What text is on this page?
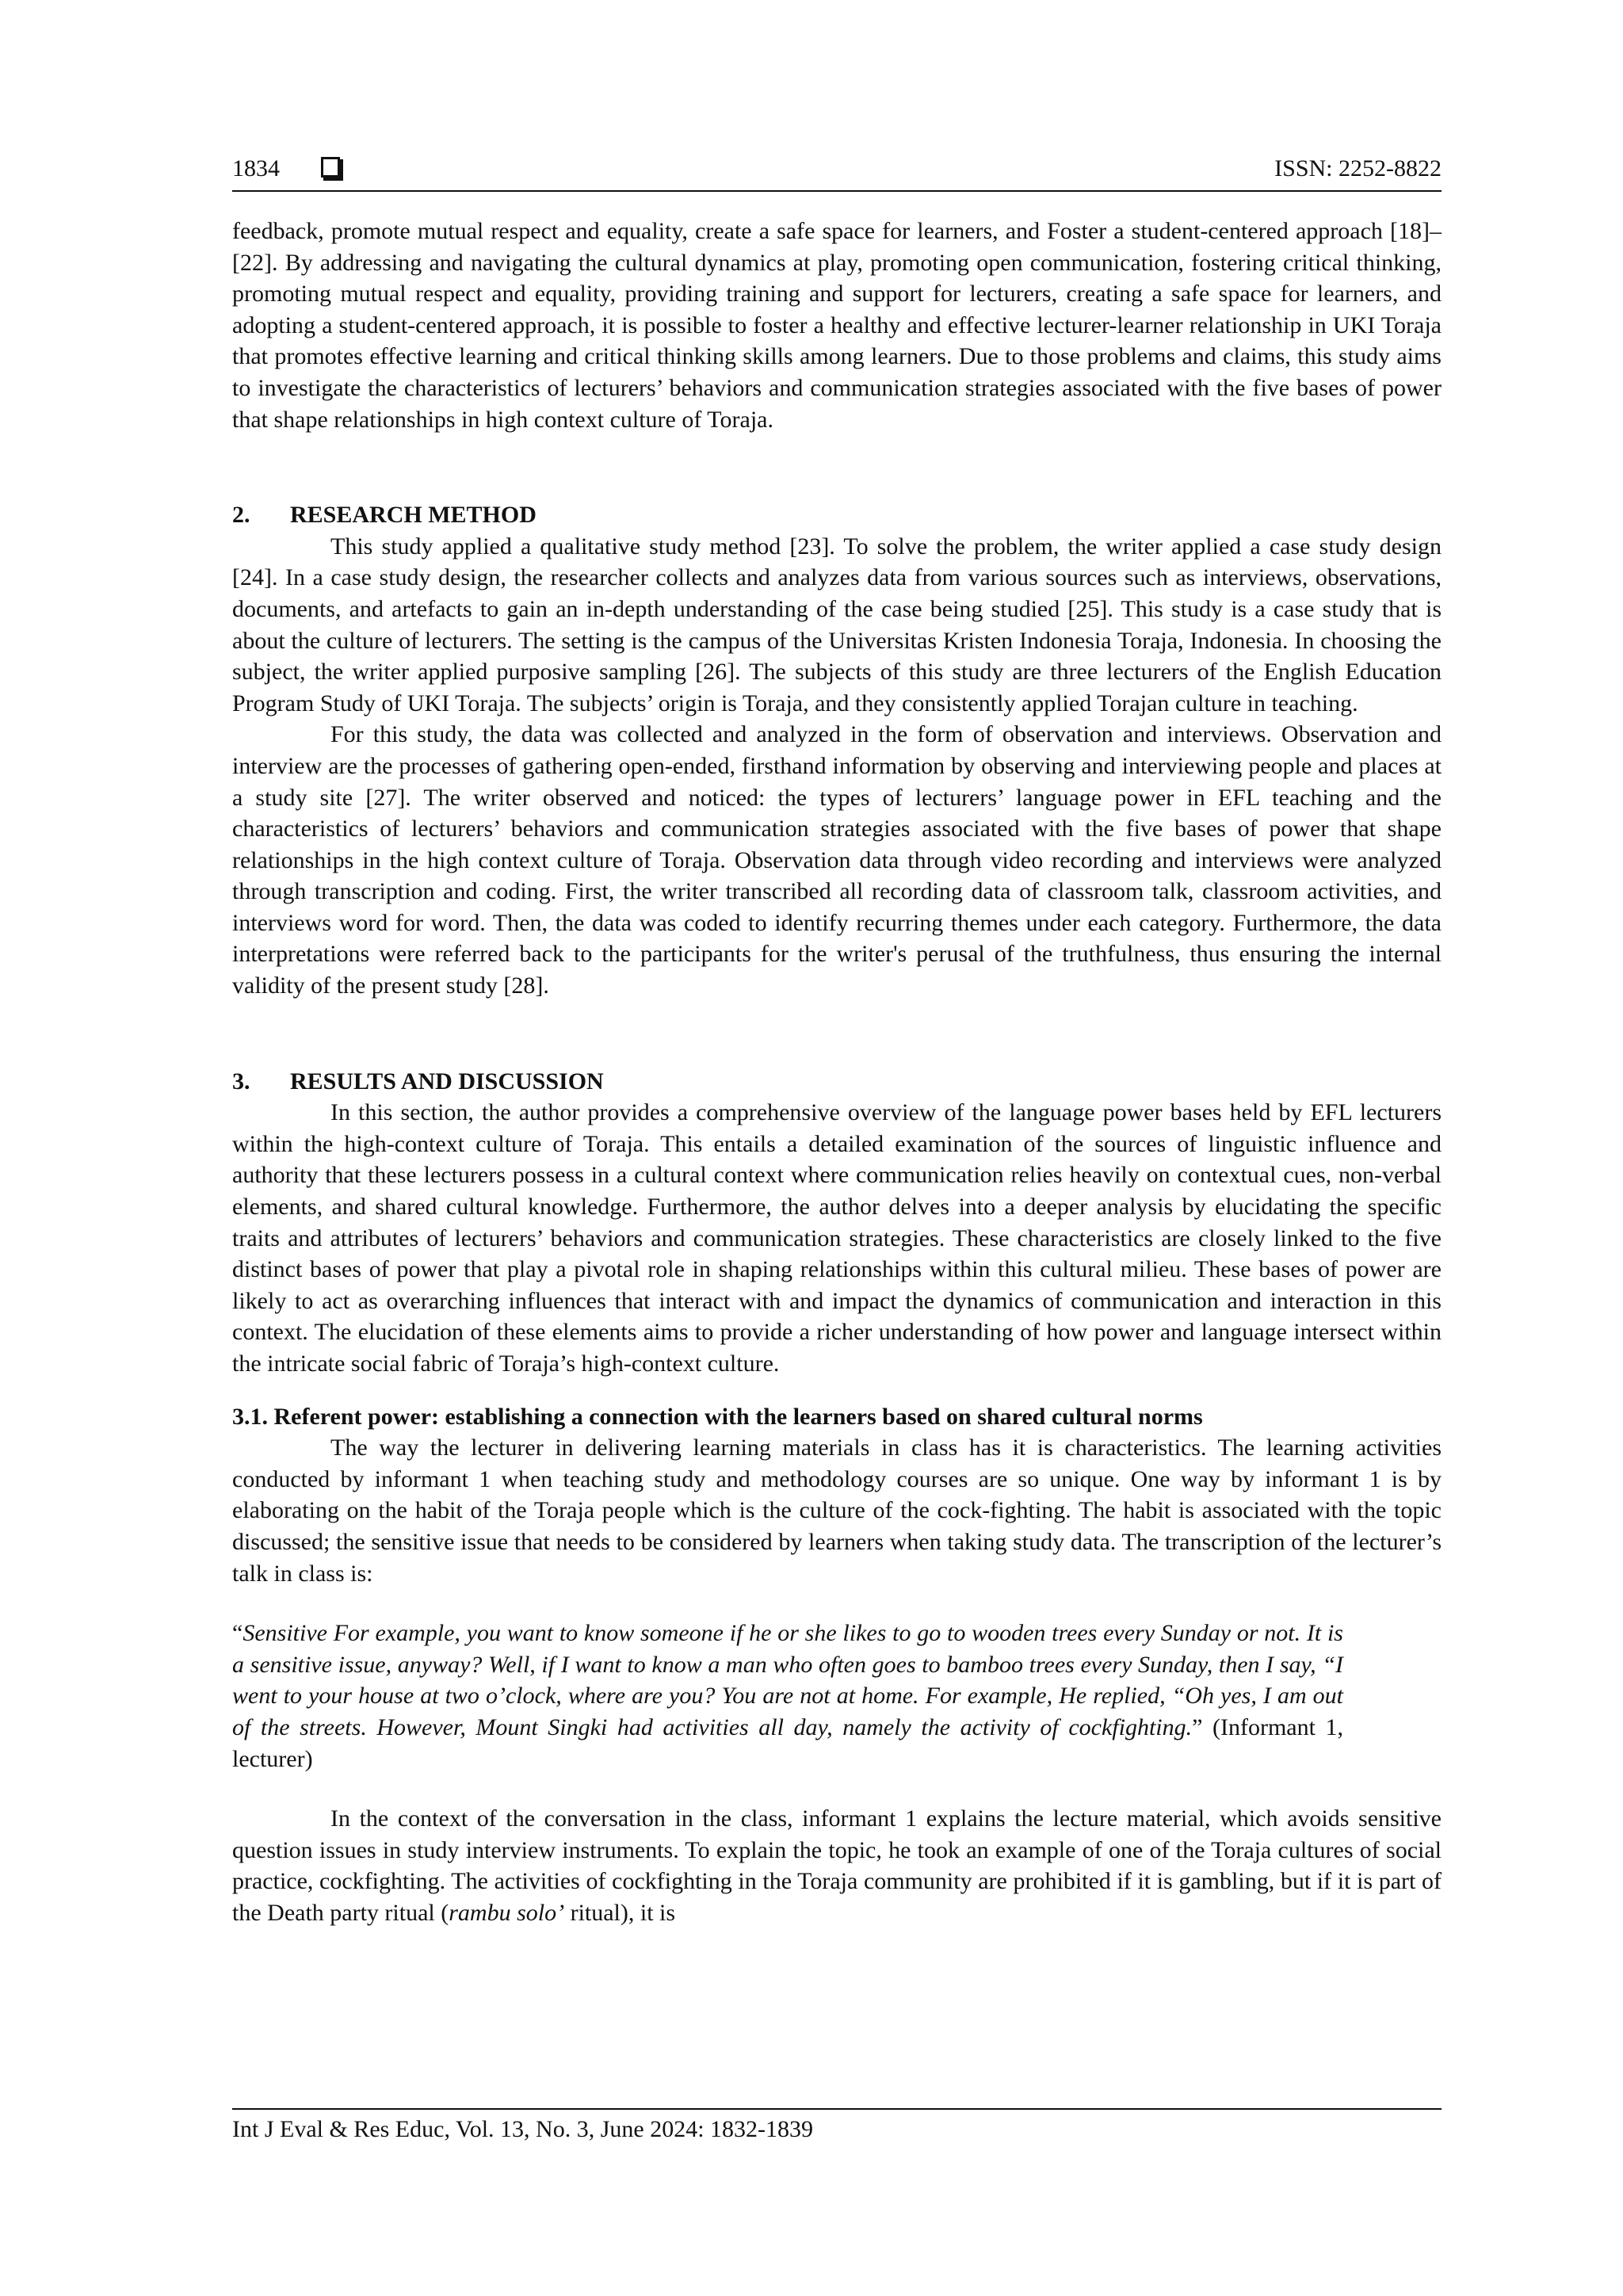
1834	ISSN: 2252-8822

feedback, promote mutual respect and equality, create a safe space for learners, and Foster a student-centered approach [18]–[22]. By addressing and navigating the cultural dynamics at play, promoting open communication, fostering critical thinking, promoting mutual respect and equality, providing training and support for lecturers, creating a safe space for learners, and adopting a student-centered approach, it is possible to foster a healthy and effective lecturer-learner relationship in UKI Toraja that promotes effective learning and critical thinking skills among learners. Due to those problems and claims, this study aims to investigate the characteristics of lecturers’ behaviors and communication strategies associated with the five bases of power that shape relationships in high context culture of Toraja.

2. RESEARCH METHOD

This study applied a qualitative study method [23]. To solve the problem, the writer applied a case study design [24]. In a case study design, the researcher collects and analyzes data from various sources such as interviews, observations, documents, and artefacts to gain an in-depth understanding of the case being studied [25]. This study is a case study that is about the culture of lecturers. The setting is the campus of the Universitas Kristen Indonesia Toraja, Indonesia. In choosing the subject, the writer applied purposive sampling [26]. The subjects of this study are three lecturers of the English Education Program Study of UKI Toraja. The subjects’ origin is Toraja, and they consistently applied Torajan culture in teaching.

For this study, the data was collected and analyzed in the form of observation and interviews. Observation and interview are the processes of gathering open-ended, firsthand information by observing and interviewing people and places at a study site [27]. The writer observed and noticed: the types of lecturers’ language power in EFL teaching and the characteristics of lecturers’ behaviors and communication strategies associated with the five bases of power that shape relationships in the high context culture of Toraja. Observation data through video recording and interviews were analyzed through transcription and coding. First, the writer transcribed all recording data of classroom talk, classroom activities, and interviews word for word. Then, the data was coded to identify recurring themes under each category. Furthermore, the data interpretations were referred back to the participants for the writer's perusal of the truthfulness, thus ensuring the internal validity of the present study [28].

3. RESULTS AND DISCUSSION

In this section, the author provides a comprehensive overview of the language power bases held by EFL lecturers within the high-context culture of Toraja. This entails a detailed examination of the sources of linguistic influence and authority that these lecturers possess in a cultural context where communication relies heavily on contextual cues, non-verbal elements, and shared cultural knowledge. Furthermore, the author delves into a deeper analysis by elucidating the specific traits and attributes of lecturers’ behaviors and communication strategies. These characteristics are closely linked to the five distinct bases of power that play a pivotal role in shaping relationships within this cultural milieu. These bases of power are likely to act as overarching influences that interact with and impact the dynamics of communication and interaction in this context. The elucidation of these elements aims to provide a richer understanding of how power and language intersect within the intricate social fabric of Toraja’s high-context culture.

3.1. Referent power: establishing a connection with the learners based on shared cultural norms

The way the lecturer in delivering learning materials in class has it is characteristics. The learning activities conducted by informant 1 when teaching study and methodology courses are so unique. One way by informant 1 is by elaborating on the habit of the Toraja people which is the culture of the cock-fighting. The habit is associated with the topic discussed; the sensitive issue that needs to be considered by learners when taking study data. The transcription of the lecturer’s talk in class is:

“Sensitive For example, you want to know someone if he or she likes to go to wooden trees every Sunday or not. It is a sensitive issue, anyway? Well, if I want to know a man who often goes to bamboo trees every Sunday, then I say, “I went to your house at two o’clock, where are you? You are not at home. For example, He replied, “Oh yes, I am out of the streets. However, Mount Singki had activities all day, namely the activity of cockfighting.” (Informant 1, lecturer)

In the context of the conversation in the class, informant 1 explains the lecture material, which avoids sensitive question issues in study interview instruments. To explain the topic, he took an example of one of the Toraja cultures of social practice, cockfighting. The activities of cockfighting in the Toraja community are prohibited if it is gambling, but if it is part of the Death party ritual (rambu solo’ ritual), it is

Int J Eval & Res Educ, Vol. 13, No. 3, June 2024: 1832-1839
